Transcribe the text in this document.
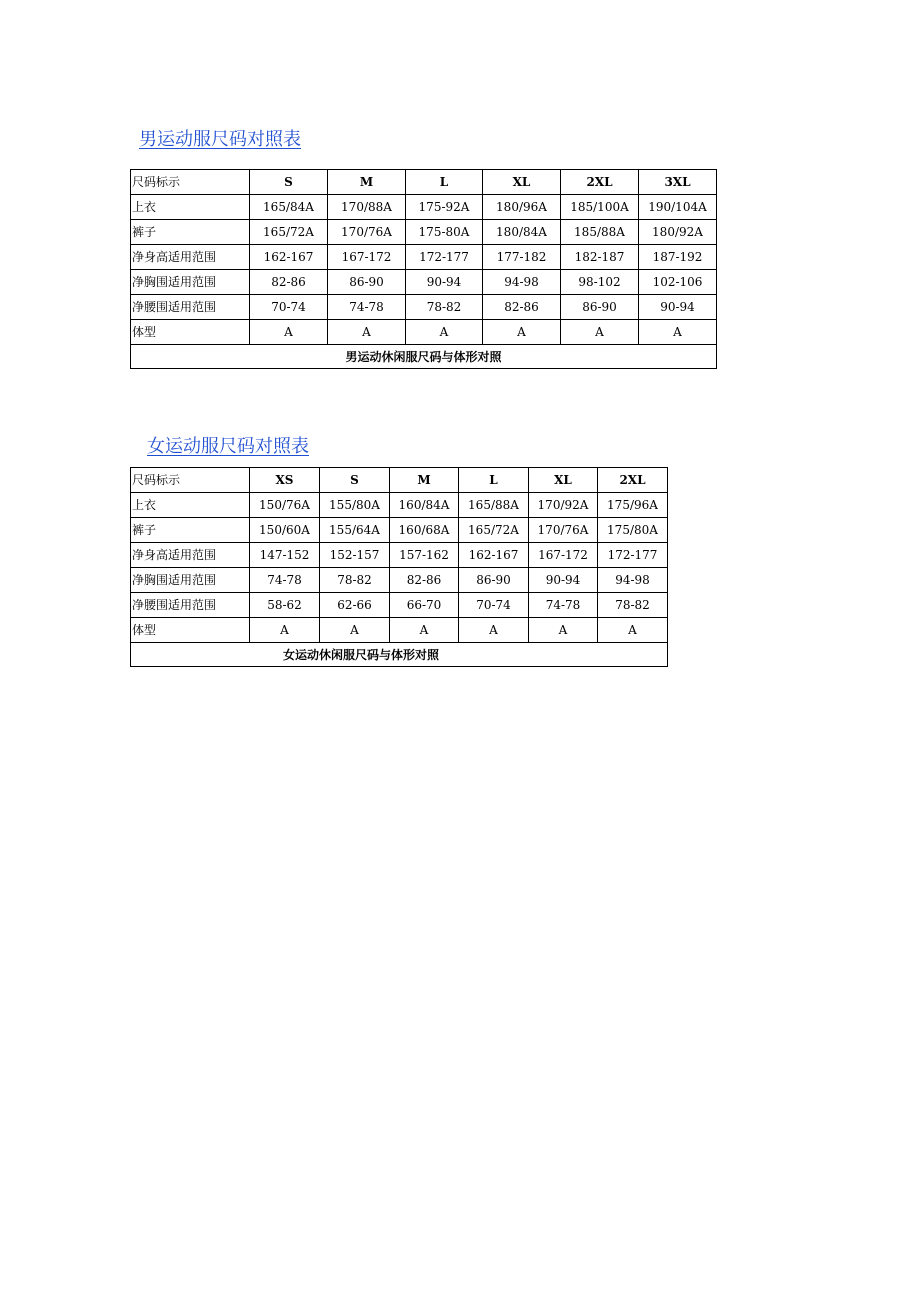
男运动服尺码对照表
尺码标示	S	M	L	XL	2XL	3XL
上衣	165/84A	170/88A	175-92A	180/96A	185/100A	190/104A
裤子	165/72A	170/76A	175-80A	180/84A	185/88A	180/92A
净身高适用范围	162-167	167-172	172-177	177-182	182-187	187-192
净胸围适用范围	82-86	86-90	90-94	94-98	98-102	102-106
净腰围适用范围	70-74	74-78	78-82	82-86	86-90	90-94
体型	A	A	A	A	A	A
男运动休闲服尺码与体形对照						
女运动服尺码对照表
尺码标示	XS	S	M	L	XL	2XL
上衣	150/76A	155/80A	160/84A	165/88A	170/92A	175/96A
裤子	150/60A	155/64A	160/68A	165/72A	170/76A	175/80A
净身高适用范围	147-152	152-157	157-162	162-167	167-172	172-177
净胸围适用范围	74-78	78-82	82-86	86-90	90-94	94-98
净腰围适用范围	58-62	62-66	66-70	70-74	74-78	78-82
体型	A	A	A	A	A	A
女运动休闲服尺码与体形对照						
